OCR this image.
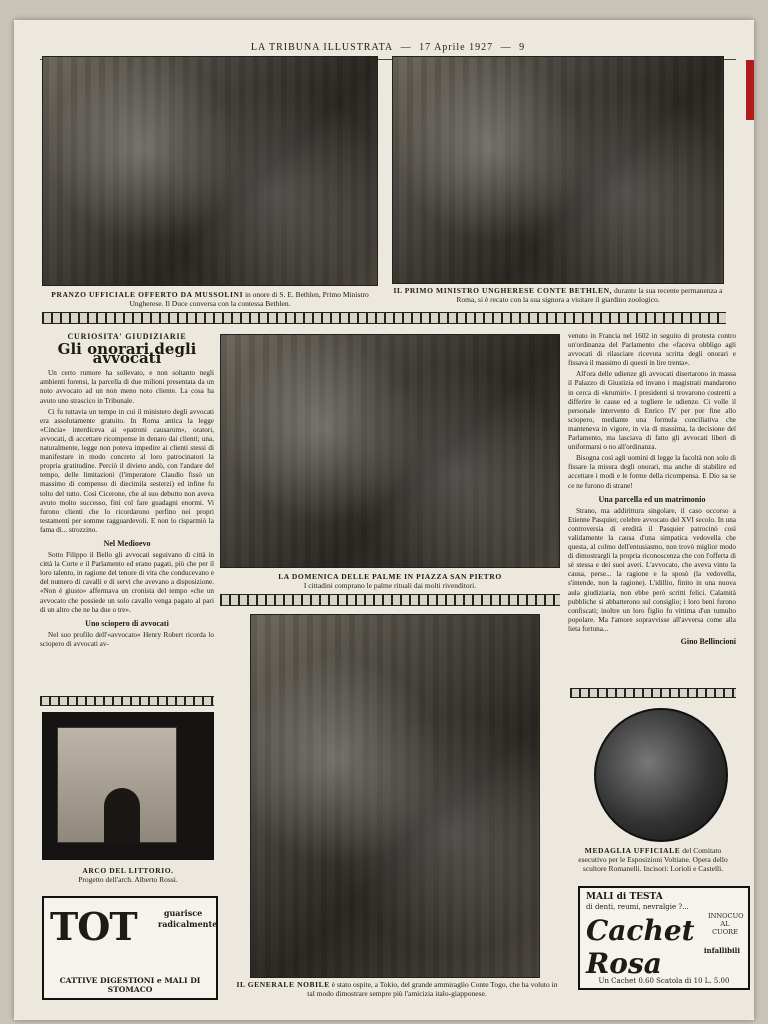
LA TRIBUNA ILLUSTRATA — 17 Aprile 1927 — 9
PRANZO UFFICIALE OFFERTO DA MUSSOLINI in onore di S. E. Bethlen, Primo Ministro Ungherese. Il Duce conversa con la contessa Bethlen.
IL PRIMO MINISTRO UNGHERESE CONTE BETHLEN, durante la sua recente permanenza a Roma, si è recato con la sua signora a visitare il giardino zoologico.
CURIOSITA' GIUDIZIARIE
Gli onorari degli avvocati

Un certo rumore ha sollevato, e non soltanto negli ambienti forensi, la parcella di due milioni presentata da un noto avvocato ad un non meno noto cliente. La cosa ha avuto uno strascico in Tribunale.

Ci fu tuttavia un tempo in cui il ministero degli avvocati era assolutamente gratuito. In Roma antica la legge «Cincia» interdiceva ai «patroni causarum», oratori, avvocati, di accettare ricompense in denaro dai clienti; una, naturalmente, legge non poteva impedire ai clienti stessi di manifestare in modo concreto al loro patrocinatori la propria gratitudine. Perciò il divieto andò, con l'andare del tempo, delle limitazioni (l'imperatore Claudio fissò un massimo di compenso di diecimila sesterzi) ed infine fu tolto del tutto. Così Cicerone, che al suo debutto non aveva avuto molto successo, finì col fare guadagni enormi. Vi furono clienti che lo ricordarono perfino nei propri testamenti per somme ragguardevoli. E non lo risparmiò la fama di... strozzino.

Nel Medioevo

Sotto Filippo il Bello gli avvocati seguivano di città in città la Corte e il Parlamento ed erano pagati, più che per il loro talento, in ragione del tenore di vita che conducevano e del numero di cavalli e di servi che avevano a disposizione. «Non è giusto» affermava un cronista del tempo «che un avvocato che possiede un solo cavallo venga pagato al pari di un altro che ne ha due o tre».

Uno sciopero di avvocati

Nel suo profilo dell'«avvocato» Henry Robert ricorda lo sciopero di avvocati av-

ARCO DEL LITTORIO.
Progetto dell'arch. Alberto Rossi.
TOT	guarisce radicalmente
CATTIVE DIGESTIONI e MALI DI STOMACO
LA DOMENICA DELLE PALME IN PIAZZA SAN PIETRO
I cittadini comprano le palme rituali dai molti rivenditori.
IL GENERALE NOBILE è stato ospite, a Tokio, del grande ammiraglio Conte Togo, che ha voluto in tal modo dimostrare sempre più l'amicizia italo-giapponese.

venuto in Francia nel 1602 in seguito di protesta contro un'ordinanza del Parlamento che «faceva obbligo agli avvocati di rilasciare ricevuta scritta degli onorari e fissava il massimo di questi in lire trenta».

All'ora delle udienze gli avvocati disertarono in massa il Palazzo di Giustizia ed invano i magistrati mandarono in cerca di «krumiri». I presidenti si trovarono costretti a differire le cause ed a togliere le udienze. Ci volle il personale intervento di Enrico IV per por fine allo sciopero, mediante una formula conciliativa che manteneva in vigore, in via di massima, la decisione del Parlamento, ma lasciava di fatto gli avvocati liberi di uniformarsi o no all'ordinanza.

Bisogna così agli uomini di legge la facoltà non solo di fissare la misura degli onorari, ma anche di stabilire ed accettare i modi e le forme della ricompensa. E Dio sa se ce ne furono di strane!

Una parcella ed un matrimonio

Strano, ma addirittura singolare, il caso occorso a Etienne Pasquier, celebre avvocato del XVI secolo. In una controversia di eredità il Pasquier patrocinò così validamente la causa d'una simpatica vedovella che questa, al colmo dell'entusiasmo, non trovò miglior modo di dimostrargli la propria riconoscenza che con l'offerta di sè stessa e dei suoi averi. L'avvocato, che aveva vinto la causa, perse... la ragione e la sposò (la vedovella, s'intende, non la ragione). L'idillio, finito in una nuova aula giudiziaria, non ebbe però scritti felici. Calamità pubbliche si abbatterono sul consiglio; i loro beni furono confiscati; inoltre un loro figlio fu vittima d'un tumulto popolare. Ma l'amore sopravvisse all'avversa come alla lieta fortuna...

Gino Bellincioni
MEDAGLIA UFFICIALE del Comitato esecutivo per le Esposizioni Voltiane. Opera dello scultore Romanelli. Incisori: Lorioli e Castelli.
MALI di TESTA
di denti, reumi, nevralgie ?...
Cachet Rosa
INNOCUO AL CUORE
infallibili
Un Cachet 0.60 Scatola di 10 L. 5.00
